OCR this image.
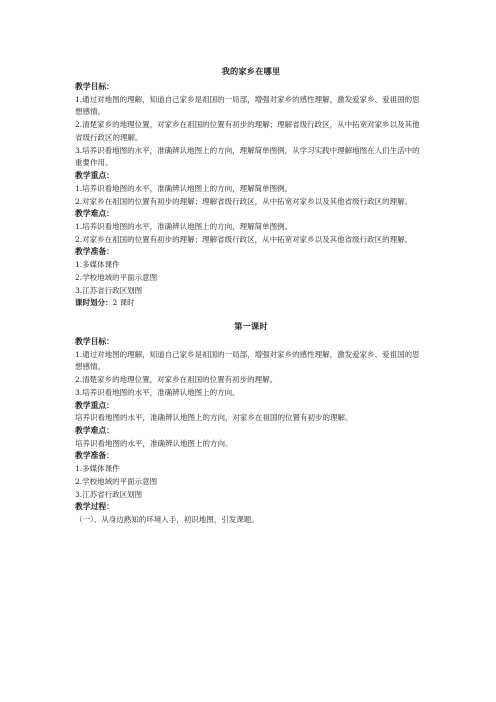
我的家乡在哪里
教学目标：
1.通过对地图的理解，知道自己家乡是祖国的一局部，增强对家乡的感性理解，激发爱家乡、爱祖国的思想感情。
2.清楚家乡的地理位置，对家乡在祖国的位置有初步的理解；理解省级行政区，从中拓宽对家乡以及其他省级行政区的理解。
3.培养识看地图的水平，准确辨认地图上的方向，理解简单图例，从学习实践中理解地图在人们生活中的重要作用。
教学重点：
1.培养识看地图的水平，准确辨认地图上的方向，理解简单图例。
2.对家乡在祖国的位置有初步的理解；理解省级行政区，从中拓宽对家乡以及其他省级行政区的理解。
教学难点：
1.培养识看地图的水平，准确辨认地图上的方向，理解简单图例。
2.对家乡在祖国的位置有初步的理解；理解省级行政区，从中拓宽对家乡以及其他省级行政区的理解。
教学准备：
1.多媒体课件
2.学校地域的平面示意图
3.江苏省行政区划图
课时划分：2 课时
第一课时
教学目标：
1.通过对地图的理解，知道自己家乡是祖国的一局部，增强对家乡的感性理解，激发爱家乡、爱祖国的思想感情。
2.清楚家乡的地理位置，对家乡在祖国的位置有初步的理解。
3.培养识看地图的水平，准确辨认地图上的方向。
教学重点：
培养识看地图的水平，准确辨认地图上的方向，对家乡在祖国的位置有初步的理解。
教学难点：
培养识看地图的水平，准确辨认地图上的方向。
教学准备：
1.多媒体课件
2.学校地域的平面示意图
3.江苏省行政区划图
教学过程：
（一）、从身边熟知的环境入手，初识地图，引发课题。
